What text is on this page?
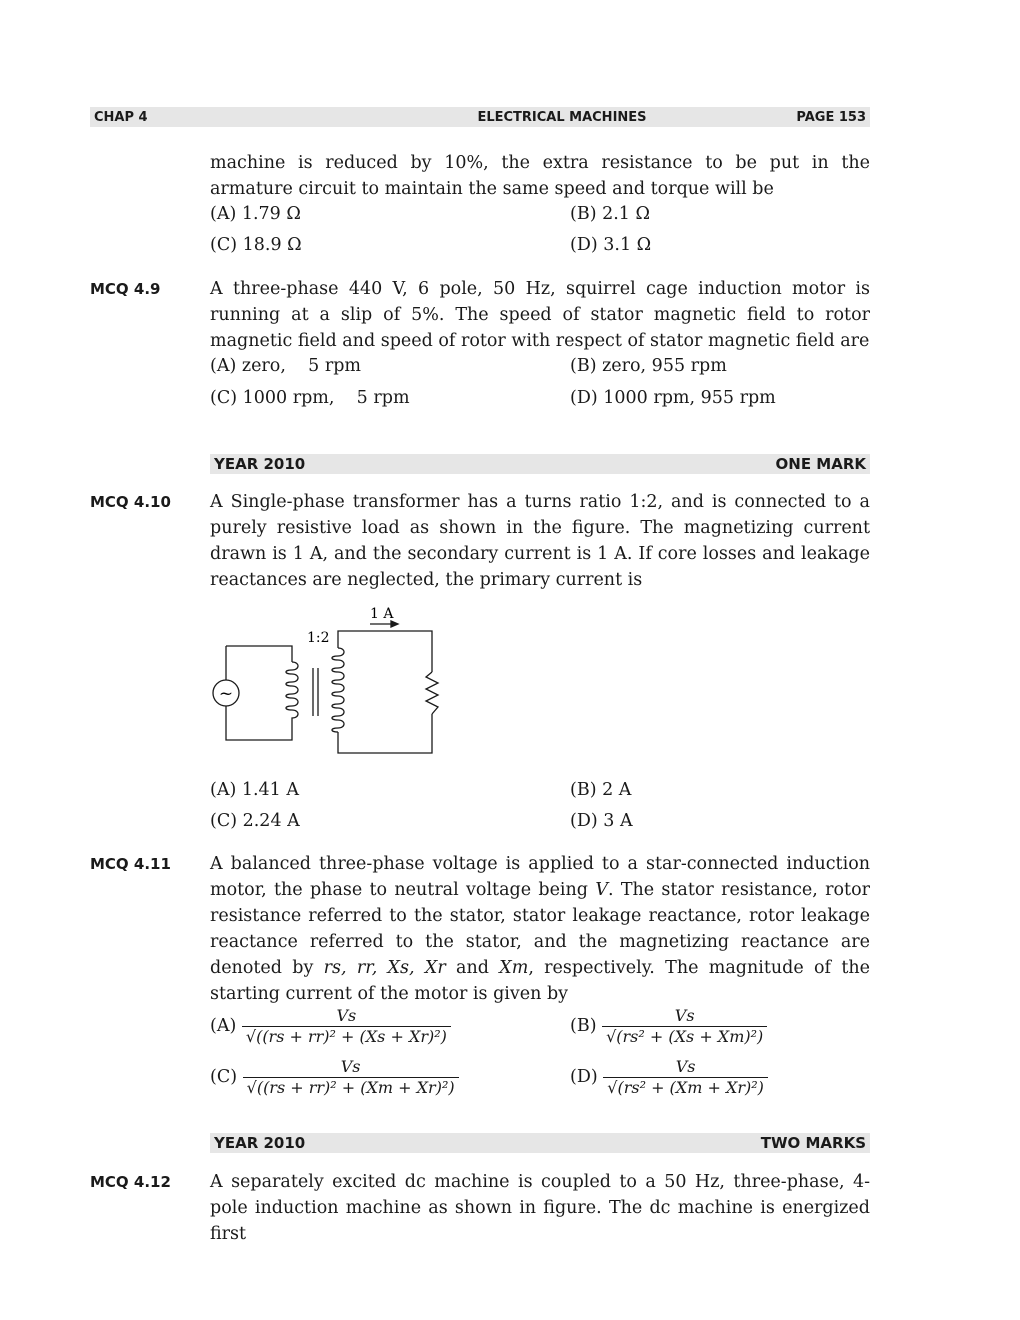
CHAP 4	ELECTRICAL MACHINES	PAGE 153
machine is reduced by 10%, the extra resistance to be put in the armature circuit to maintain the same speed and torque will be
(A) 1.79 Ω	(B) 2.1 Ω
(C) 18.9 Ω	(D) 3.1 Ω
MCQ 4.9	A three-phase 440 V, 6 pole, 50 Hz, squirrel cage induction motor is running at a slip of 5%. The speed of stator magnetic field to rotor magnetic field and speed of rotor with respect of stator magnetic field are
(A) zero,    5 rpm	(B) zero, 955 rpm
(C) 1000 rpm,    5 rpm	(D) 1000 rpm, 955 rpm
YEAR 2010	ONE MARK
MCQ 4.10 A Single-phase transformer has a turns ratio 1:2, and is connected to a purely resistive load as shown in the figure. The magnetizing current drawn is 1 A, and the secondary current is 1 A. If core losses and leakage reactances are neglected, the primary current is
~
1:2
1 A
(A) 1.41 A	(B) 2 A
(C) 2.24 A	(D) 3 A
MCQ 4.11 A balanced three-phase voltage is applied to a star-connected induction motor, the phase to neutral voltage being V. The stator resistance, rotor resistance referred to the stator, stator leakage reactance, rotor leakage reactance referred to the stator, and the magnetizing reactance are denoted by rs, rr, Xs, Xr and Xm, respectively. The magnitude of the starting current of the motor is given by
$(A) \frac{Vs}{\text{√((rs + rr)² + (Xs + Xr)²)}}$	$(B) \frac{Vs}{\text{√(rs² + (Xs + Xm)²)}}$
$(C) \frac{Vs}{\text{√((rs + rr)² + (Xm + Xr)²)}}$	$(D) \frac{Vs}{\text{√(rs² + (Xm + Xr)²)}}$
YEAR 2010	TWO MARKS
MCQ 4.12 A separately excited dc machine is coupled to a 50 Hz, three-phase, 4-pole induction machine as shown in figure. The dc machine is energized first
